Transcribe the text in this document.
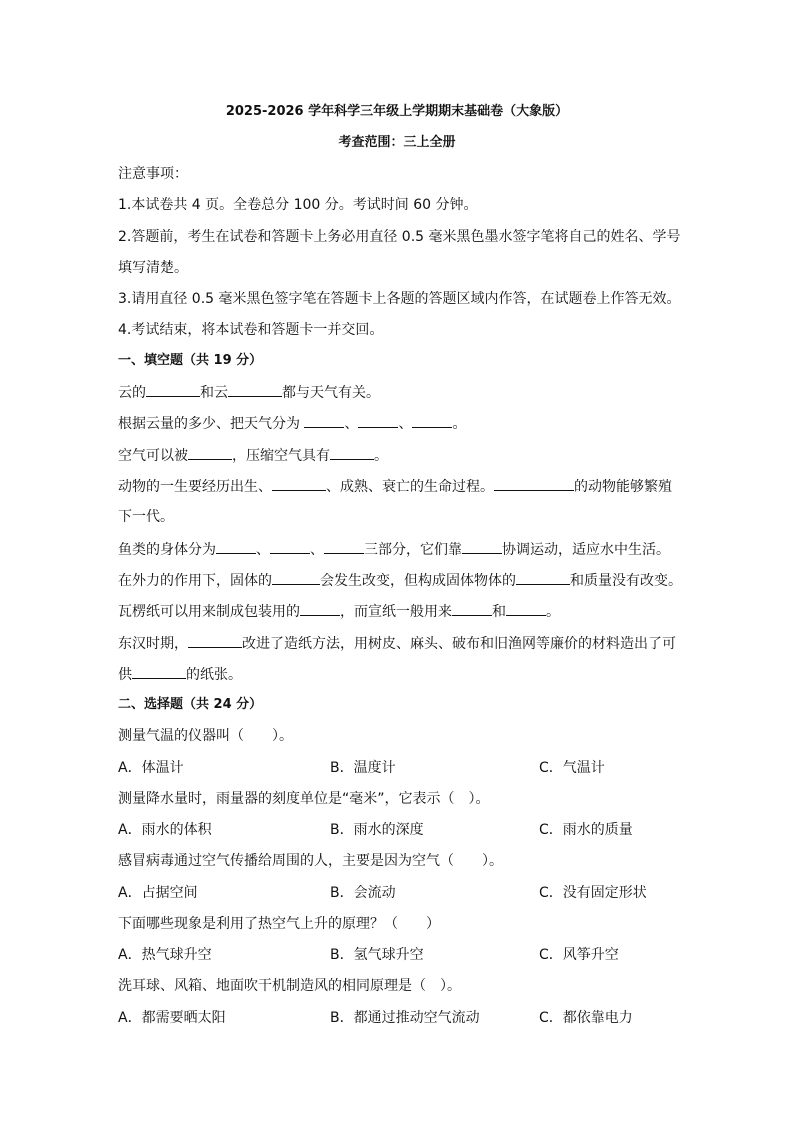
2025-2026 学年科学三年级上学期期末基础卷（大象版）
考查范围：三上全册
注意事项：
1.本试卷共 4 页。全卷总分 100 分。考试时间 60 分钟。
2.答题前，考生在试卷和答题卡上务必用直径 0.5 毫米黑色墨水签字笔将自己的姓名、学号
填写清楚。
3.请用直径 0.5 毫米黑色签字笔在答题卡上各题的答题区域内作答，在试题卷上作答无效。
4.考试结束，将本试卷和答题卡一并交回。
一、填空题（共 19 分）
云的	和云	都与天气有关。
根据云量的多少、把天气分为	、	、	。
空气可以被	，压缩空气具有	。
动物的一生要经历出生、	、成熟、衰亡的生命过程。	的动物能够繁殖
下一代。
鱼类的身体分为	、	、	三部分，它们靠	协调运动，适应水中生活。
在外力的作用下，固体的	会发生改变，但构成固体物体的	和质量没有改变。
瓦楞纸可以用来制成包装用的	，而宣纸一般用来	和	。
东汉时期，	改进了造纸方法，用树皮、麻头、破布和旧渔网等廉价的材料造出了可
供	的纸张。
二、选择题（共 24 分）
测量气温的仪器叫（　　）。
A．体温计	B．温度计	C．气温计
测量降水量时，雨量器的刻度单位是“毫米”，它表示（　）。
A．雨水的体积	B．雨水的深度	C．雨水的质量
感冒病毒通过空气传播给周围的人，主要是因为空气（　　）。
A．占据空间	B．会流动	C．没有固定形状
下面哪些现象是利用了热空气上升的原理？（　　）
A．热气球升空	B．氢气球升空	C．风筝升空
洗耳球、风箱、地面吹干机制造风的相同原理是（　）。
A．都需要晒太阳	B．都通过推动空气流动	C．都依靠电力
